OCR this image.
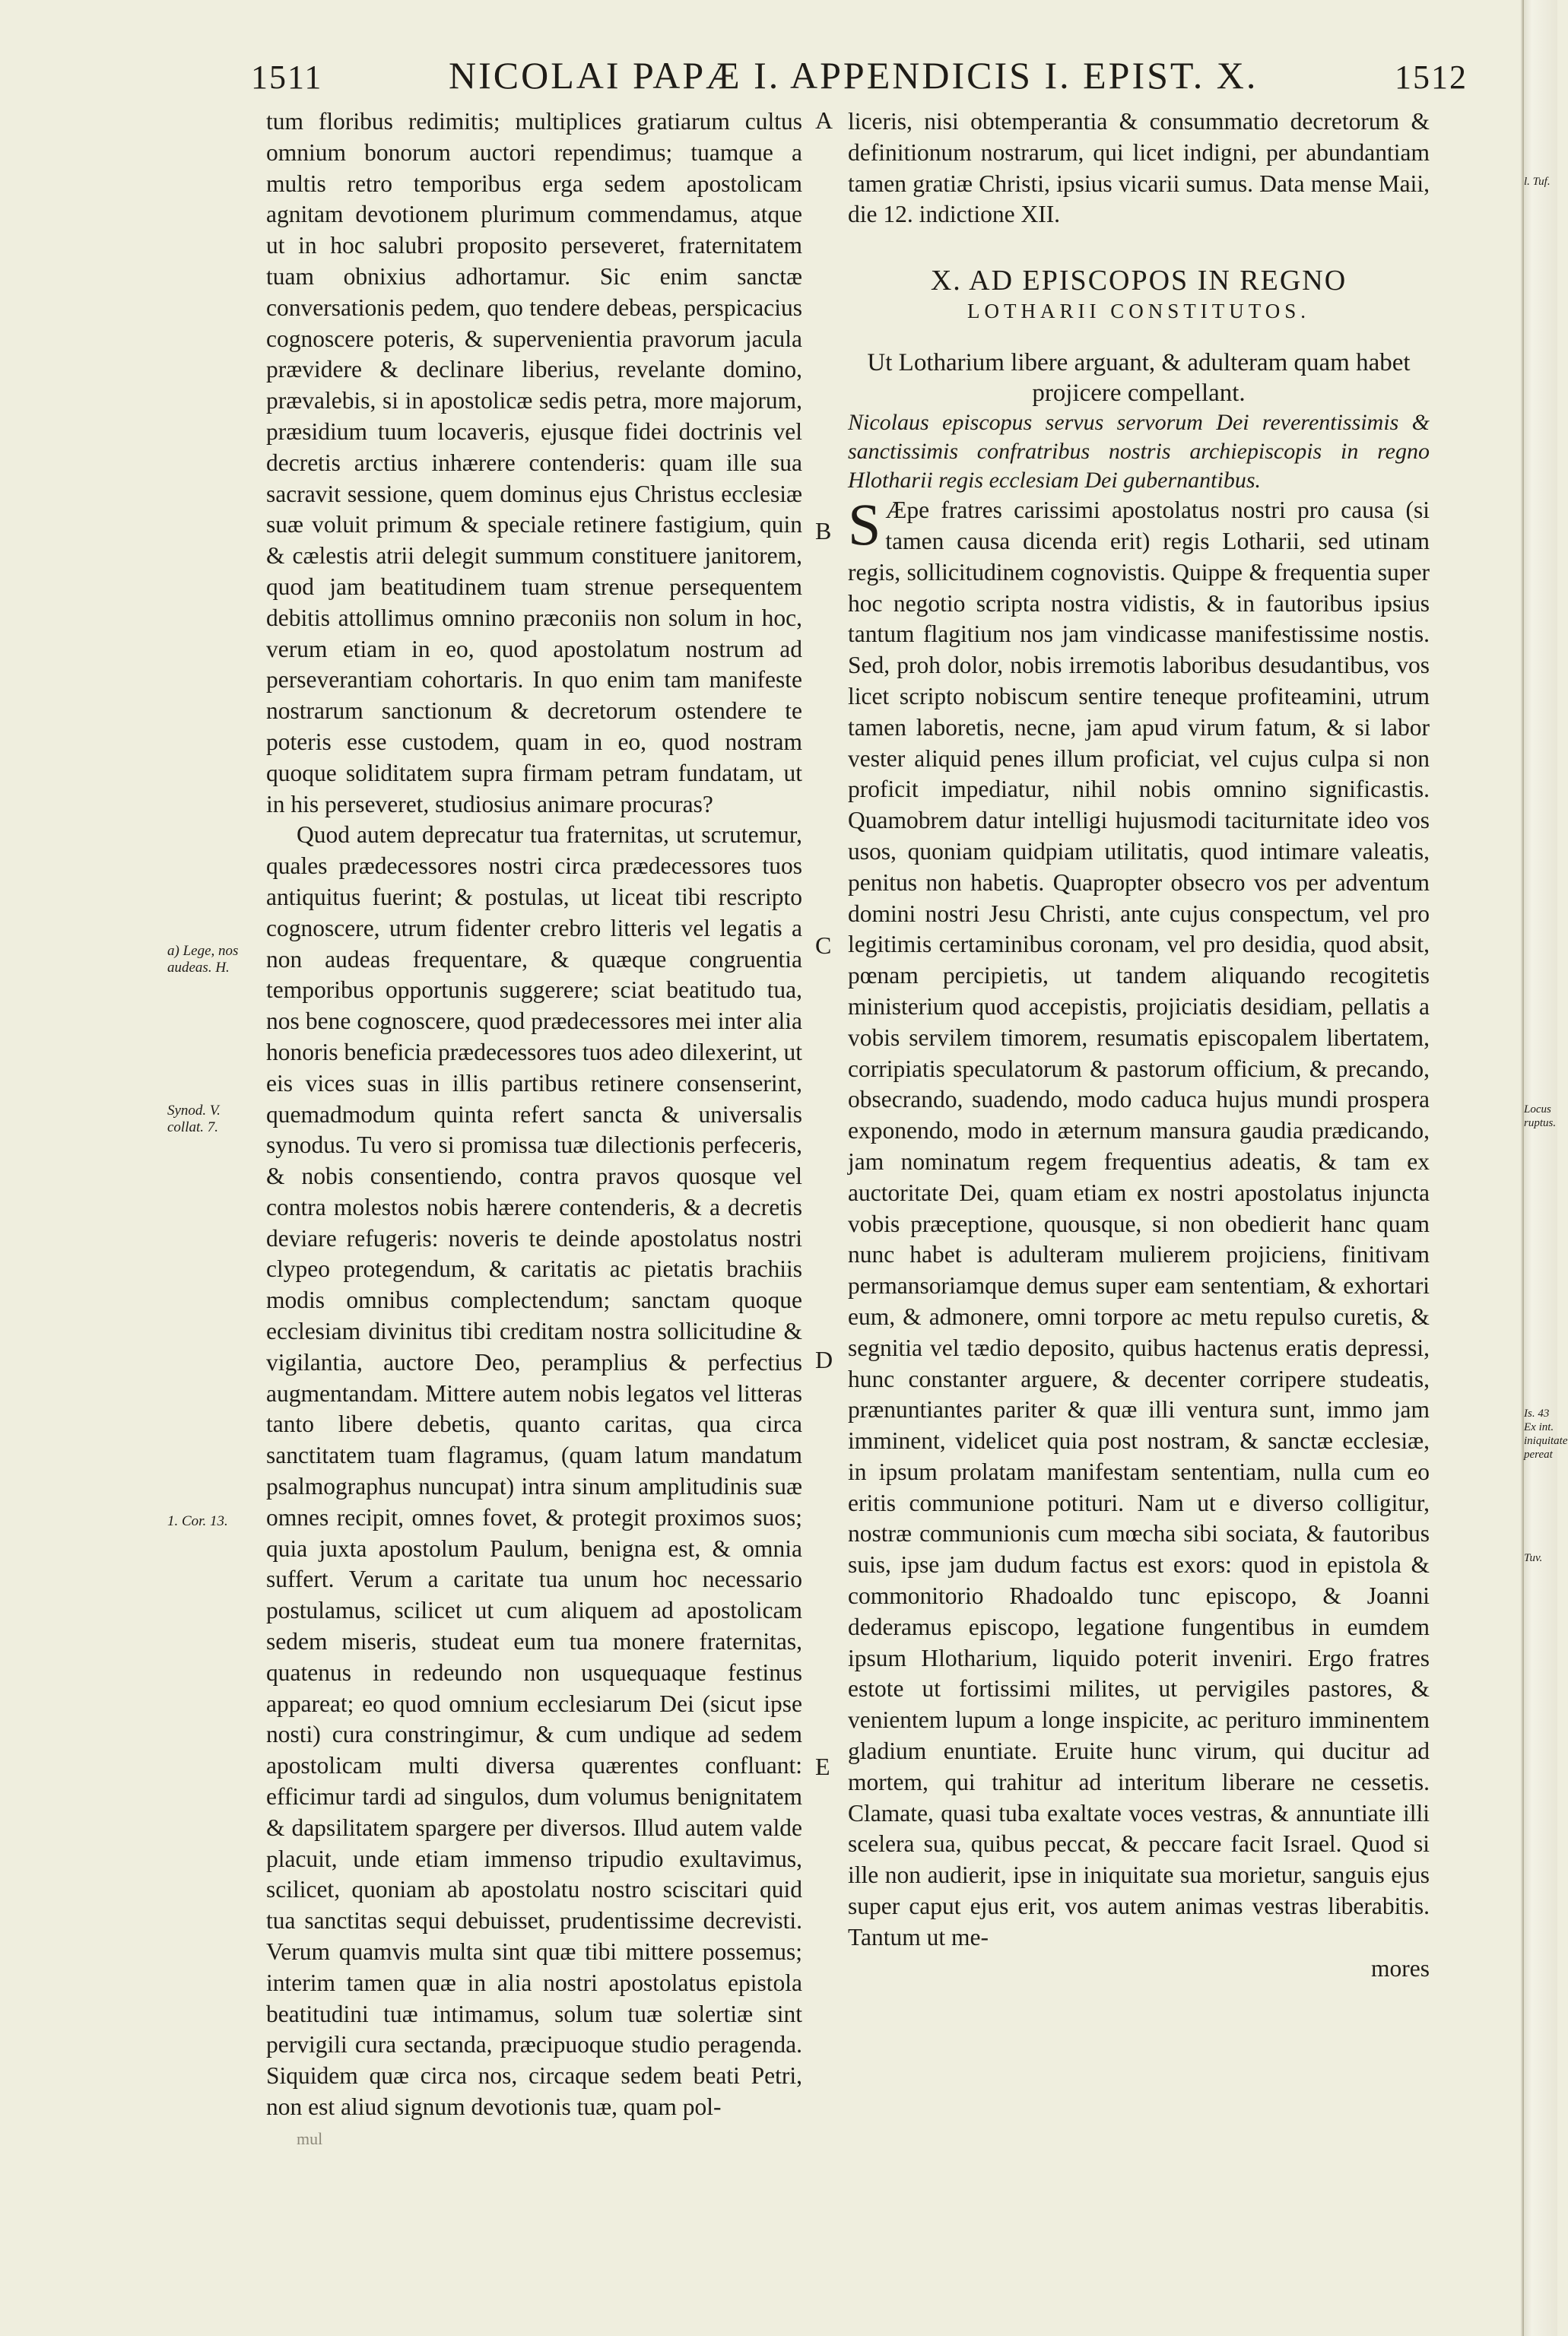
1511	NICOLAI PAPÆ I. APPENDICIS I. EPIST. X.	1512

tum floribus redimitis; multiplices gratiarum cultus omnium bonorum auctori rependimus; tuamque a multis retro temporibus erga sedem apostolicam agnitam devotionem plurimum commendamus, atque ut in hoc salubri proposito perseveret, fraternitatem tuam obnixius adhortamur. Sic enim sanctæ conversationis pedem, quo tendere debeas, perspicacius cognoscere poteris, & supervenientia pravorum jacula prævidere & declinare liberius, revelante domino, prævalebis, si in apostolicæ sedis petra, more majorum, præsidium tuum locaveris, ejusque fidei doctrinis vel decretis arctius inhærere contenderis: quam ille sua sacravit sessione, quem dominus ejus Christus ecclesiæ suæ voluit primum & speciale retinere fastigium, quin & cælestis atrii delegit summum constituere janitorem, quod jam beatitudinem tuam strenue persequentem debitis attollimus omnino præconiis non solum in hoc, verum etiam in eo, quod apostolatum nostrum ad perseverantiam cohortaris. In quo enim tam manifeste nostrarum sanctionum & decretorum ostendere te poteris esse custodem, quam in eo, quod nostram quoque soliditatem supra firmam petram fundatam, ut in his perseveret, studiosius animare procuras?

Quod autem deprecatur tua fraternitas, ut scrutemur, quales prædecessores nostri circa prædecessores tuos antiquitus fuerint; & postulas, ut liceat tibi rescripto cognoscere, utrum fidenter crebro litteris vel legatis a non audeas frequentare, & quæque congruentia temporibus opportunis suggerere; sciat beatitudo tua, nos bene cognoscere, quod prædecessores mei inter alia honoris beneficia prædecessores tuos adeo dilexerint, ut eis vices suas in illis partibus retinere consenserint, quemadmodum quinta refert sancta & universalis synodus. Tu vero si promissa tuæ dilectionis perfeceris, & nobis consentiendo, contra pravos quosque vel contra molestos nobis hærere contenderis, & a decretis deviare refugeris: noveris te deinde apostolatus nostri clypeo protegendum, & caritatis ac pietatis brachiis modis omnibus complectendum; sanctam quoque ecclesiam divinitus tibi creditam nostra sollicitudine & vigilantia, auctore Deo, peramplius & perfectius augmentandam. Mittere autem nobis legatos vel litteras tanto libere debetis, quanto caritas, qua circa sanctitatem tuam flagramus, (quam latum mandatum psalmographus nuncupat) intra sinum amplitudinis suæ omnes recipit, omnes fovet, & protegit proximos suos; quia juxta apostolum Paulum, benigna est, & omnia suffert. Verum a caritate tua unum hoc necessario postulamus, scilicet ut cum aliquem ad apostolicam sedem miseris, studeat eum tua monere fraternitas, quatenus in redeundo non usquequaque festinus appareat; eo quod omnium ecclesiarum Dei (sicut ipse nosti) cura constringimur, & cum undique ad sedem apostolicam multi diversa quærentes confluant: efficimur tardi ad singulos, dum volumus benignitatem & dapsilitatem spargere per diversos. Illud autem valde placuit, unde etiam immenso tripudio exultavimus, scilicet, quoniam ab apostolatu nostro sciscitari quid tua sanctitas sequi debuisset, prudentissime decrevisti. Verum quamvis multa sint quæ tibi mittere possemus; interim tamen quæ in alia nostri apostolatus epistola beatitudini tuæ intimamus, solum tuæ solertiæ sint pervigili cura sectanda, præcipuoque studio peragenda. Siquidem quæ circa nos, circaque sedem beati Petri, non est aliud signum devotionis tuæ, quam pol-

liceris, nisi obtemperantia & consummatio decretorum & definitionum nostrarum, qui licet indigni, per abundantiam tamen gratiæ Christi, ipsius vicarii sumus. Data mense Maii, die 12. indictione XII.

X. AD EPISCOPOS IN REGNO
LOTHARII CONSTITUTOS.

Ut Lotharium libere arguant, & adulteram quam habet projicere compellant.

Nicolaus episcopus servus servorum Dei reverentissimis & sanctissimis confratribus nostris archiepiscopis in regno Hlotharii regis ecclesiam Dei gubernantibus.

S Æpe fratres carissimi apostolatus nostri pro causa (si tamen causa dicenda erit) regis Lotharii, sed utinam regis, sollicitudinem cognovistis. Quippe & frequentia super hoc negotio scripta nostra vidistis, & in fautoribus ipsius tantum flagitium nos jam vindicasse manifestissime nostis. Sed, proh dolor, nobis irremotis laboribus desudantibus, vos licet scripto nobiscum sentire teneque profiteamini, utrum tamen laboretis, necne, jam apud virum fatum, & si labor vester aliquid penes illum proficiat, vel cujus culpa si non proficit impediatur, nihil nobis omnino significastis. Quamobrem datur intelligi hujusmodi taciturnitate ideo vos usos, quoniam quidpiam utilitatis, quod intimare valeatis, penitus non habetis. Quapropter obsecro vos per adventum domini nostri Jesu Christi, ante cujus conspectum, vel pro legitimis certaminibus coronam, vel pro desidia, quod absit, pœnam percipietis, ut tandem aliquando recogitetis ministerium quod accepistis, projiciatis desidiam, pellatis a vobis servilem timorem, resumatis episcopalem libertatem, corripiatis speculatorum & pastorum officium, & precando, obsecrando, suadendo, modo caduca hujus mundi prospera exponendo, modo in æternum mansura gaudia prædicando, jam nominatum regem frequentius adeatis, & tam ex auctoritate Dei, quam etiam ex nostri apostolatus injuncta vobis præceptione, quousque, si non obedierit hanc quam nunc habet is adulteram mulierem projiciens, finitivam permansoriamque demus super eam sententiam, & exhortari eum, & admonere, omni torpore ac metu repulso curetis, & segnitia vel tædio deposito, quibus hactenus eratis depressi, hunc constanter arguere, & decenter corripere studeatis, prænuntiantes pariter & quæ illi ventura sunt, immo jam imminent, videlicet quia post nostram, & sanctæ ecclesiæ, in ipsum prolatam manifestam sententiam, nulla cum eo eritis communione potituri. Nam ut e diverso colligitur, nostræ communionis cum mœcha sibi sociata, & fautoribus suis, ipse jam dudum factus est exors: quod in epistola & commonitorio Rhadoaldo tunc episcopo, & Joanni dederamus episcopo, legatione fungentibus in eumdem ipsum Hlotharium, liquido poterit inveniri. Ergo fratres estote ut fortissimi milites, ut pervigiles pastores, & venientem lupum a longe inspicite, ac perituro imminentem gladium enuntiate. Eruite hunc virum, qui ducitur ad mortem, qui trahitur ad interitum liberare ne cessetis. Clamate, quasi tuba exaltate voces vestras, & annuntiate illi scelera sua, quibus peccat, & peccare facit Israel. Quod si ille non audierit, ipse in iniquitate sua morietur, sanguis ejus super caput ejus erit, vos autem animas vestras liberabitis. Tantum ut me-

mores

A
B
C
D
E
a) Lege, nos audeas. H.
Synod. V. collat. 7.
1. Cor. 13.
l. Tuf.
Locus ruptus.
Is. 43 Ex int. iniquitate pereat
Tuv.
mul
